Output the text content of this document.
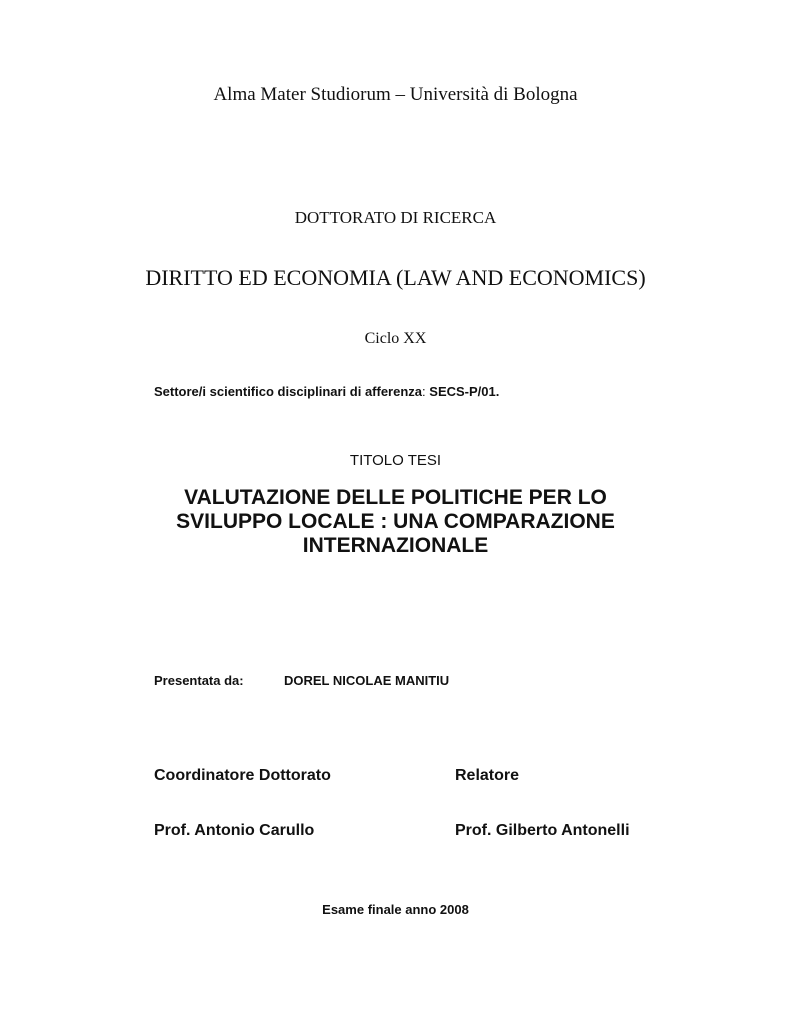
Alma Mater Studiorum – Università di Bologna
DOTTORATO DI RICERCA
DIRITTO ED ECONOMIA (LAW AND ECONOMICS)
Ciclo XX
Settore/i scientifico disciplinari di afferenza: SECS-P/01.
TITOLO TESI
VALUTAZIONE DELLE POLITICHE PER LO
SVILUPPO LOCALE : UNA COMPARAZIONE
INTERNAZIONALE
Presentata da:	DOREL NICOLAE MANITIU
Coordinatore Dottorato	Relatore
Prof. Antonio Carullo	Prof. Gilberto Antonelli
Esame finale anno 2008
